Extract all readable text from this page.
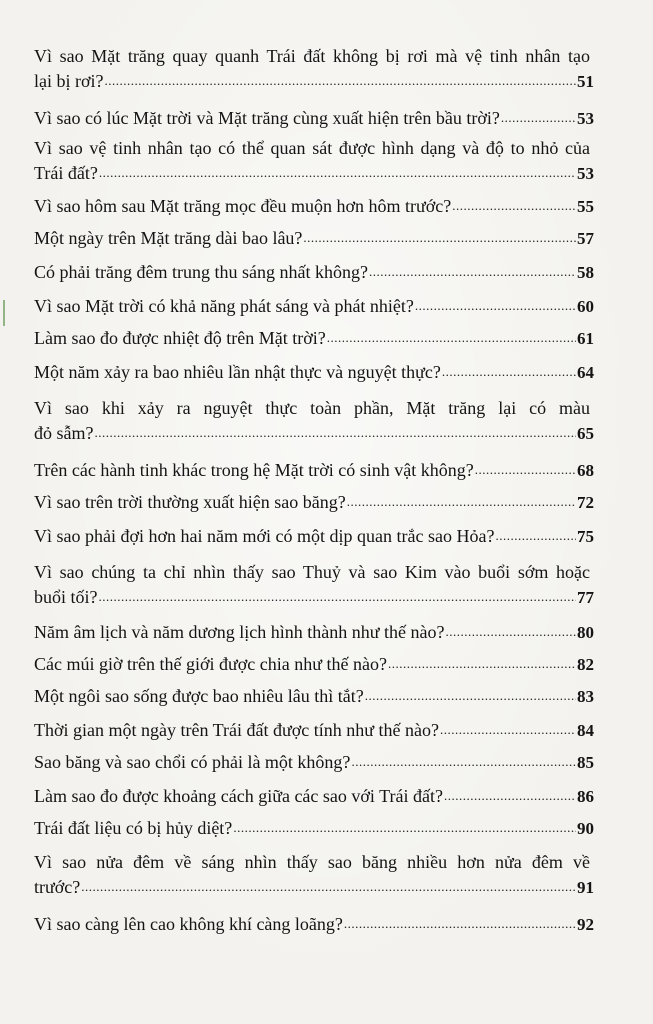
Vì sao Mặt trăng quay quanh Trái đất không bị rơi mà vệ tinh nhân tạo
lại bị rơi? .....	51
Vì sao có lúc Mặt trời và Mặt trăng cùng xuất hiện trên bầu trời? .....	53
Vì sao vệ tinh nhân tạo có thể quan sát được hình dạng và độ to nhỏ của
Trái đất? .....	53
Vì sao hôm sau Mặt trăng mọc đều muộn hơn hôm trước? .....	55
Một ngày trên Mặt trăng dài bao lâu? .....	57
Có phải trăng đêm trung thu sáng nhất không? .....	58
Vì sao Mặt trời có khả năng phát sáng và phát nhiệt? .....	60
Làm sao đo được nhiệt độ trên Mặt trời? .....	61
Một năm xảy ra bao nhiêu lần nhật thực và nguyệt thực? .....	64
Vì sao khi xảy ra nguyệt thực toàn phần, Mặt trăng lại có màu
đỏ sẫm? .....	65
Trên các hành tinh khác trong hệ Mặt trời có sinh vật không? .....	68
Vì sao trên trời thường xuất hiện sao băng? .....	72
Vì sao phải đợi hơn hai năm mới có một dịp quan trắc sao Hỏa? .....	75
Vì sao chúng ta chỉ nhìn thấy sao Thuỷ và sao Kim vào buổi sớm hoặc
buổi tối? .....	77
Năm âm lịch và năm dương lịch hình thành như thế nào? .....	80
Các múi giờ trên thế giới được chia như thế nào? .....	82
Một ngôi sao sống được bao nhiêu lâu thì tắt? .....	83
Thời gian một ngày trên Trái đất được tính như thế nào? .....	84
Sao băng và sao chổi có phải là một không? .....	85
Làm sao đo được khoảng cách giữa các sao với Trái đất? .....	86
Trái đất liệu có bị hủy diệt? .....	90
Vì sao nửa đêm về sáng nhìn thấy sao băng nhiều hơn nửa đêm về
trước? .....	91
Vì sao càng lên cao không khí càng loãng? .....	92
